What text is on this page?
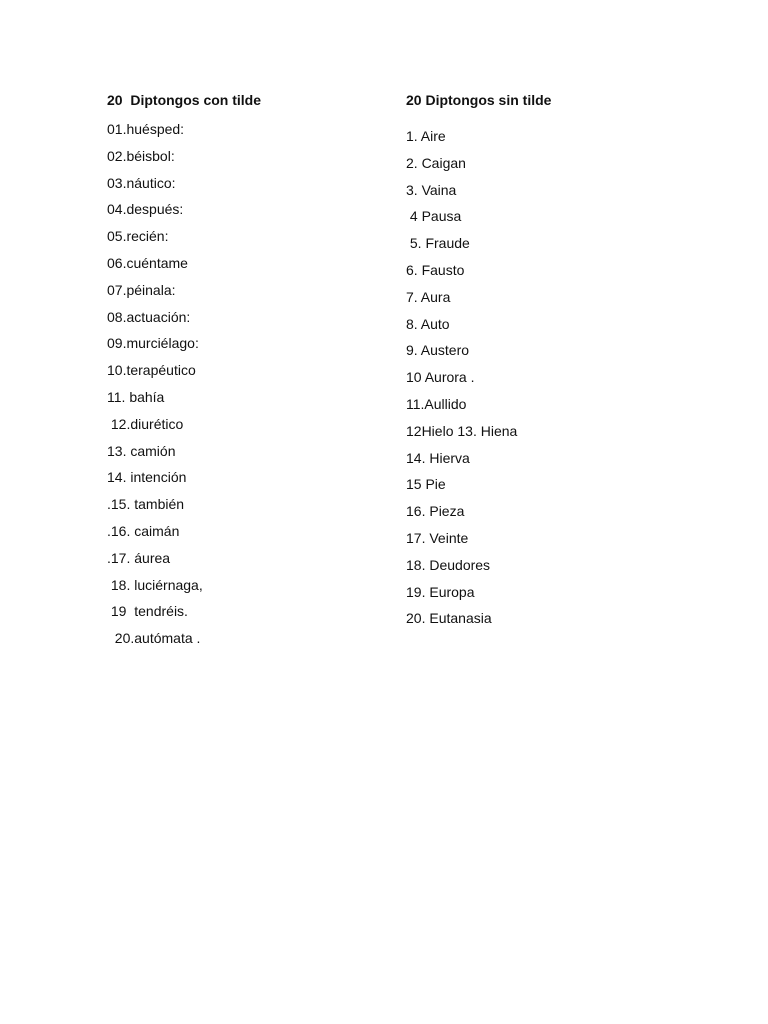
20  Diptongos con tilde
01.huésped:
02.béisbol:
03.náutico:
04.después:
05.recién:
06.cuéntame
07.péinala:
08.actuación:
09.murciélago:
10.terapéutico
11. bahía
12.diurético
13. camión
14. intención
.15. también
.16. caimán
.17. áurea
18. luciérnaga,
19  tendréis.
20.autómata .
20 Diptongos sin tilde
1. Aire
2. Caigan
3. Vaina
4 Pausa
5. Fraude
6. Fausto
7. Aura
8. Auto
9. Austero
10 Aurora .
11.Aullido
12Hielo 13. Hiena
14. Hierva
15 Pie
16. Pieza
17. Veinte
18. Deudores
19. Europa
20. Eutanasia
